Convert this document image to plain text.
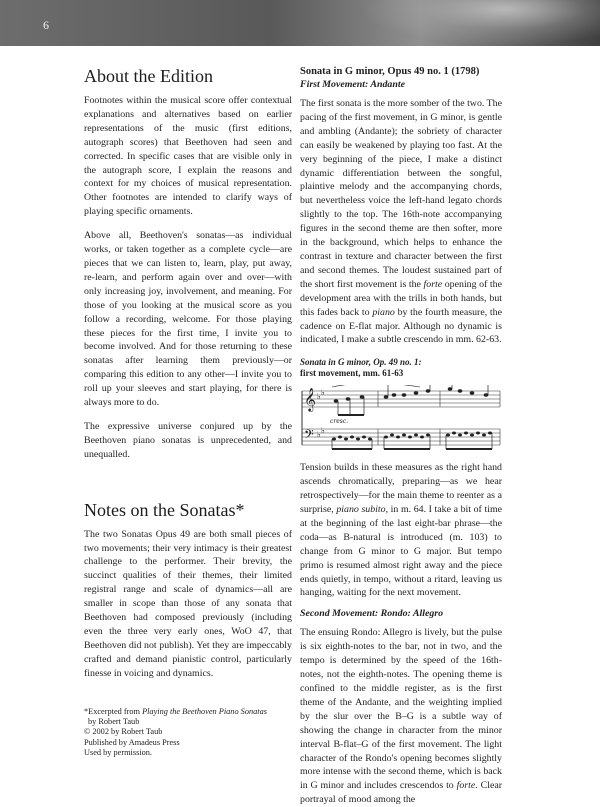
6
About the Edition

Footnotes within the musical score offer contextual explanations and alternatives based on earlier representations of the music (first editions, autograph scores) that Beethoven had seen and corrected. In specific cases that are visible only in the autograph score, I explain the reasons and context for my choices of musical representation. Other footnotes are intended to clarify ways of playing specific ornaments.

Above all, Beethoven's sonatas—as individual works, or taken together as a complete cycle—are pieces that we can listen to, learn, play, put away, re-learn, and perform again over and over—with only increasing joy, involvement, and meaning. For those of you looking at the musical score as you follow a recording, welcome. For those playing these pieces for the first time, I invite you to become involved. And for those returning to these sonatas after learning them previously—or comparing this edition to any other—I invite you to roll up your sleeves and start playing, for there is always more to do.

The expressive universe conjured up by the Beethoven piano sonatas is unprecedented, and unequalled.

Notes on the Sonatas*

The two Sonatas Opus 49 are both small pieces of two movements; their very intimacy is their greatest challenge to the performer. Their brevity, the succinct qualities of their themes, their limited registral range and scale of dynamics—all are smaller in scope than those of any sonata that Beethoven had composed previously (including even the three very early ones, WoO 47, that Beethoven did not publish). Yet they are impeccably crafted and demand pianistic control, particularly finesse in voicing and dynamics.

*Excerpted from Playing the Beethoven Piano Sonatas
by Robert Taub
© 2002 by Robert Taub
Published by Amadeus Press
Used by permission.
Sonata in G minor, Opus 49 no. 1 (1798)
First Movement: Andante

The first sonata is the more somber of the two. The pacing of the first movement, in G minor, is gentle and ambling (Andante); the sobriety of character can easily be weakened by playing too fast. At the very beginning of the piece, I make a distinct dynamic differentiation between the songful, plaintive melody and the accompanying chords, but nevertheless voice the left-hand legato chords slightly to the top. The 16th-note accompanying figures in the second theme are then softer, more in the background, which helps to enhance the contrast in texture and character between the first and second themes. The loudest sustained part of the short first movement is the forte opening of the development area with the trills in both hands, but this fades back to piano by the fourth measure, the cadence on E-flat major. Although no dynamic is indicated, I make a subtle crescendo in mm. 62-63.

Sonata in G minor, Op. 49 no. 1:
first movement, mm. 61-63
𝄞
𝄢
♭ ♭
♭ ♭
cresc.

Tension builds in these measures as the right hand ascends chromatically, preparing—as we hear retrospectively—for the main theme to reenter as a surprise, piano subito, in m. 64. I take a bit of time at the beginning of the last eight-bar phrase—the coda—as B-natural is introduced (m. 103) to change from G minor to G major. But tempo primo is resumed almost right away and the piece ends quietly, in tempo, without a ritard, leaving us hanging, waiting for the next movement.

Second Movement: Rondo: Allegro

The ensuing Rondo: Allegro is lively, but the pulse is six eighth-notes to the bar, not in two, and the tempo is determined by the speed of the 16th-notes, not the eighth-notes. The opening theme is confined to the middle register, as is the first theme of the Andante, and the weighting implied by the slur over the B–G is a subtle way of showing the change in character from the minor interval B-flat–G of the first movement. The light character of the Rondo's opening becomes slightly more intense with the second theme, which is back in G minor and includes crescendos to forte. Clear portrayal of mood among the
